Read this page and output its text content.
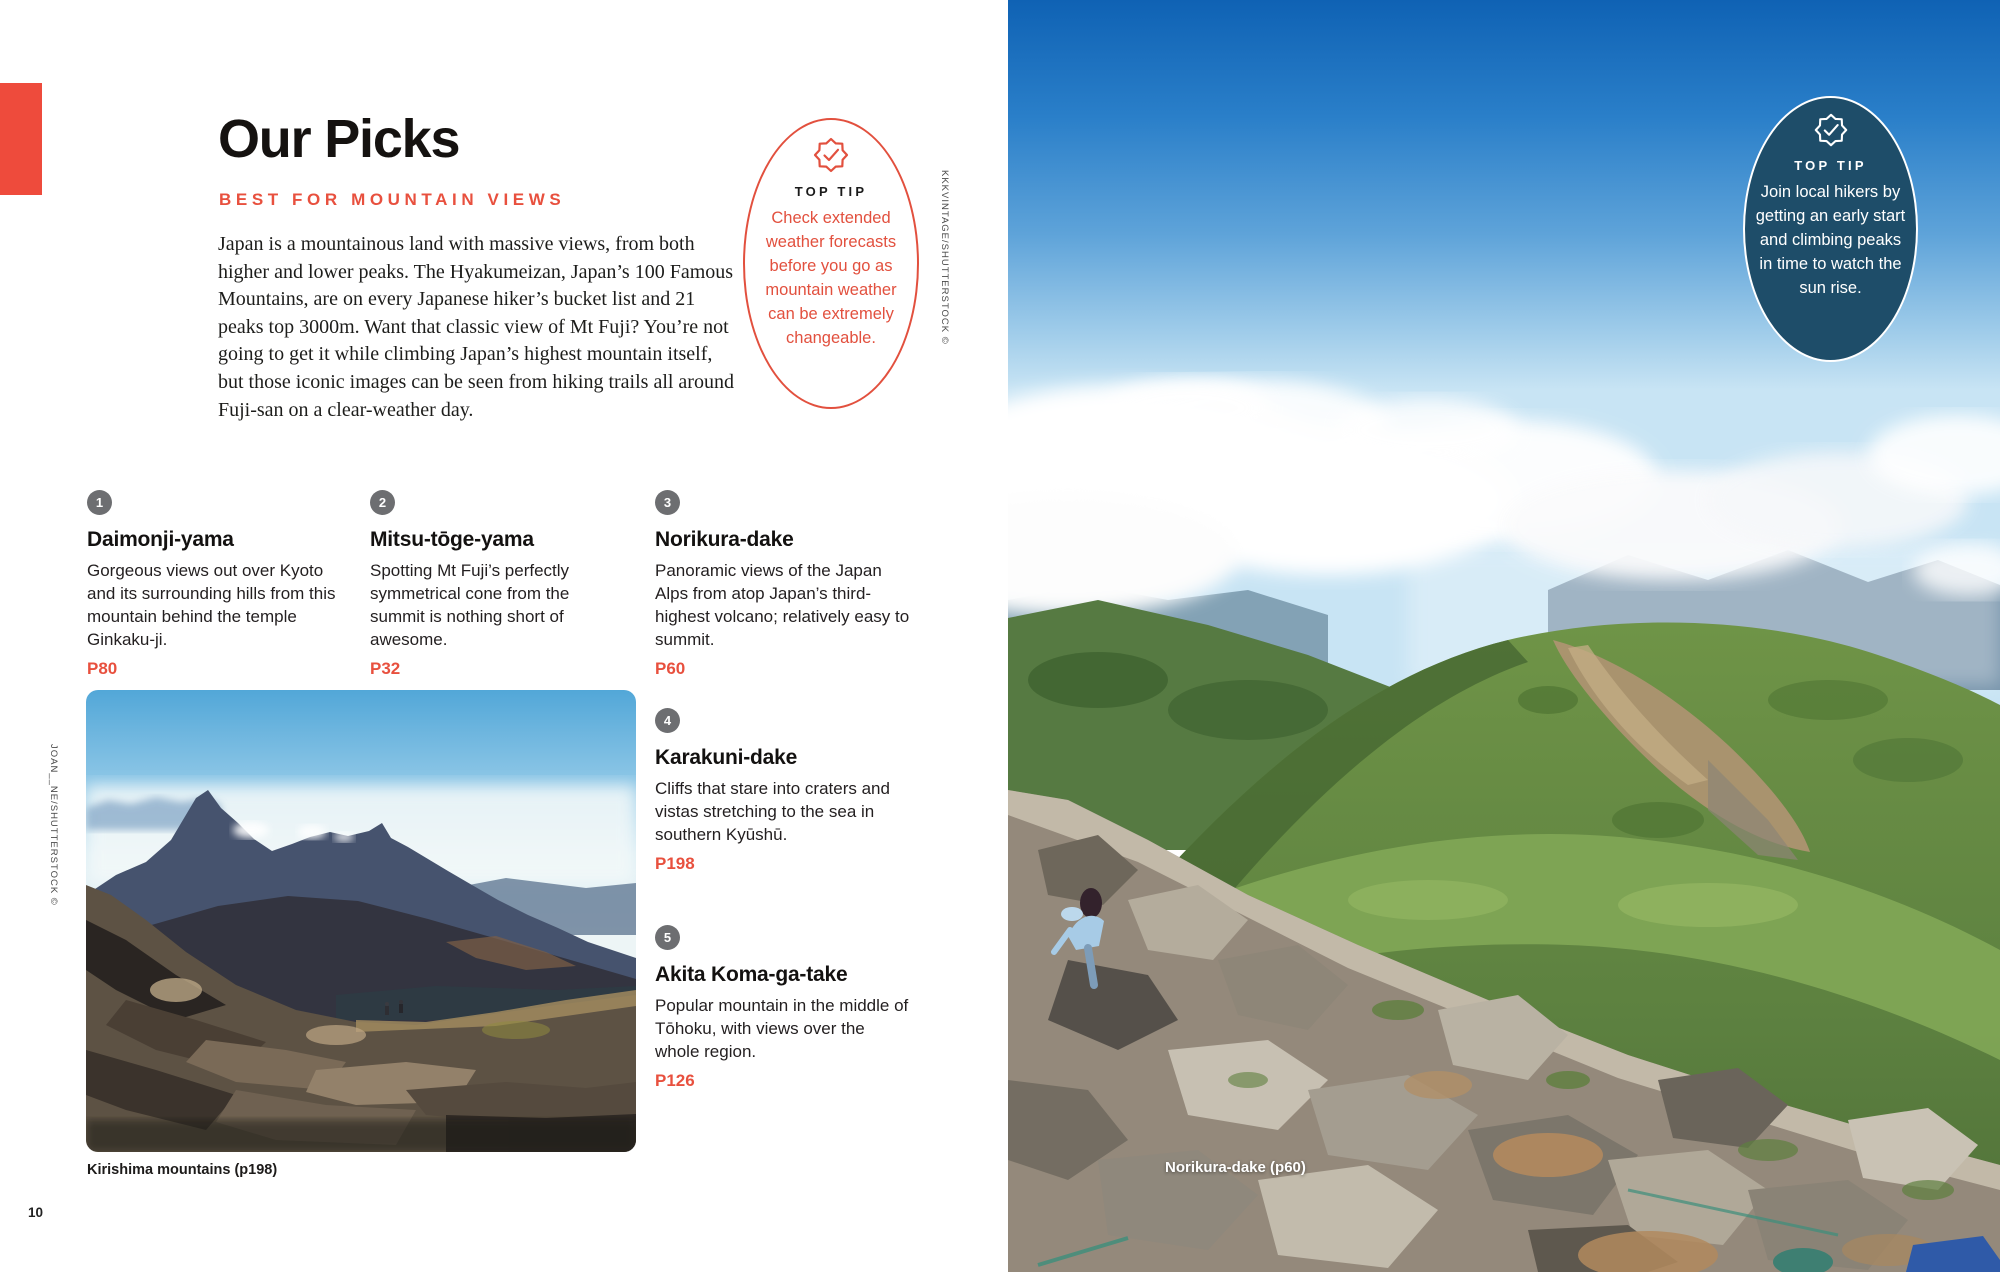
Our Picks
BEST FOR MOUNTAIN VIEWS

Japan is a mountainous land with massive views, from both higher and lower peaks. The Hyakumeizan, Japan’s 100 Famous Mountains, are on every Japanese hiker’s bucket list and 21 peaks top 3000m. Want that classic view of Mt Fuji? You’re not going to get it while climbing Japan’s highest mountain itself, but those iconic images can be seen from hiking trails all around Fuji-san on a clear-weather day.

TOP TIP
Check extended weather forecasts before you go as mountain weather can be extremely changeable.	KKKVINTAGE/SHUTTERSTOCK ©
1
Daimonji-yama

Gorgeous views out over Kyoto and its surrounding hills from this mountain behind the temple Ginkaku-ji.

P80
2
Mitsu-tōge-yama

Spotting Mt Fuji’s perfectly symmetrical cone from the summit is nothing short of awesome.

P32
3
Norikura-dake

Panoramic views of the Japan Alps from atop Japan’s third-highest volcano; relatively easy to summit.

P60
4
Karakuni-dake

Cliffs that stare into craters and vistas stretching to the sea in southern Kyūshū.

P198
5
Akita Koma-ga-take

Popular mountain in the middle of Tōhoku, with views over the whole region.

P126
JOAN__NE/SHUTTERSTOCK ©
Kirishima mountains (p198)
10
TOP TIP
Join local hikers by getting an early start and climbing peaks in time to watch the sun rise.
Norikura-dake (p60)
